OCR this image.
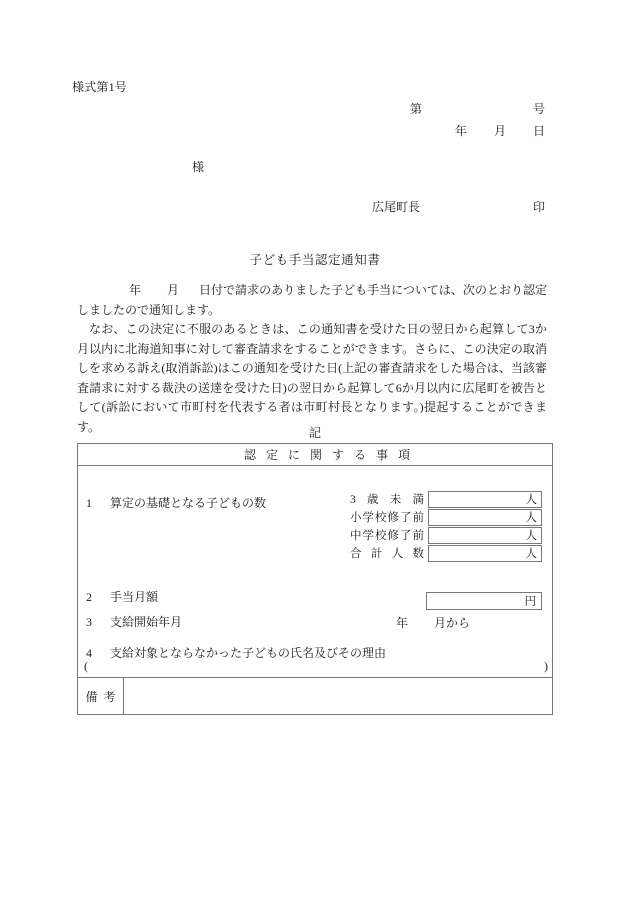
様式第1号
第	号
年 月 日
様
広尾町長	印
子ども手当認定通知書

年 月 日付で請求のありました子ども手当については、次のとおり認定しましたので通知します。

なお、この決定に不服のあるときは、この通知書を受けた日の翌日から起算して3か月以内に北海道知事に対して審査請求をすることができます。さらに、この決定の取消しを求める訴え(取消訴訟)はこの通知を受けた日(上記の審査請求をした場合は、当該審査請求に対する裁決の送達を受けた日)の翌日から起算して6か月以内に広尾町を被告として(訴訟において市町村を代表する者は市町村長となります。)提起することができます。	記
認定に関する事項
1 算定の基礎となる子どもの数	3歳未満	人
小学校修了前	人
中学校修了前	人
合計人数	人
2 手当月額	円
3 支給開始年月	年 月から
4 支給対象とならなかった子どもの氏名及びその理由
(	)
備考
